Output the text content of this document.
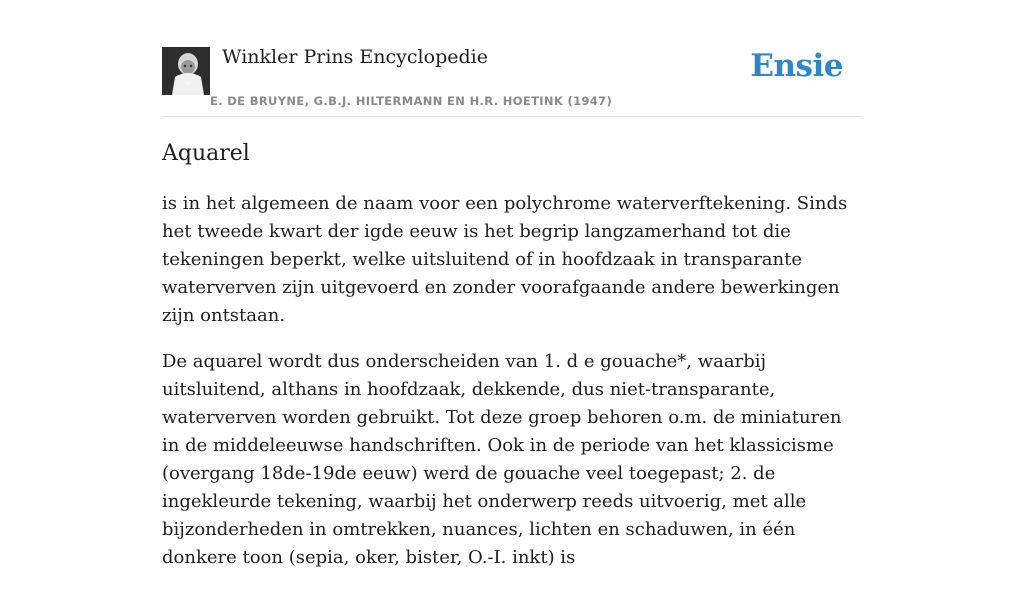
Winkler Prins Encyclopedie
E. DE BRUYNE, G.B.J. HILTERMANN EN H.R. HOETINK (1947)
Ensie
Aquarel

is in het algemeen de naam voor een polychrome waterverftekening. Sinds het tweede kwart der igde eeuw is het begrip langzamerhand tot die tekeningen beperkt, welke uitsluitend of in hoofdzaak in transparante waterverven zijn uitgevoerd en zonder voorafgaande andere bewerkingen zijn ontstaan.

De aquarel wordt dus onderscheiden van 1. d e gouache*, waarbij uitsluitend, althans in hoofdzaak, dekkende, dus niet-transparante, waterverven worden gebruikt. Tot deze groep behoren o.m. de miniaturen in de middeleeuwse handschriften. Ook in de periode van het klassicisme (overgang 18de-19de eeuw) werd de gouache veel toegepast; 2. de ingekleurde tekening, waarbij het onderwerp reeds uitvoerig, met alle bijzonderheden in omtrekken, nuances, lichten en schaduwen, in één donkere toon (sepia, oker, bister, O.-I. inkt) is
